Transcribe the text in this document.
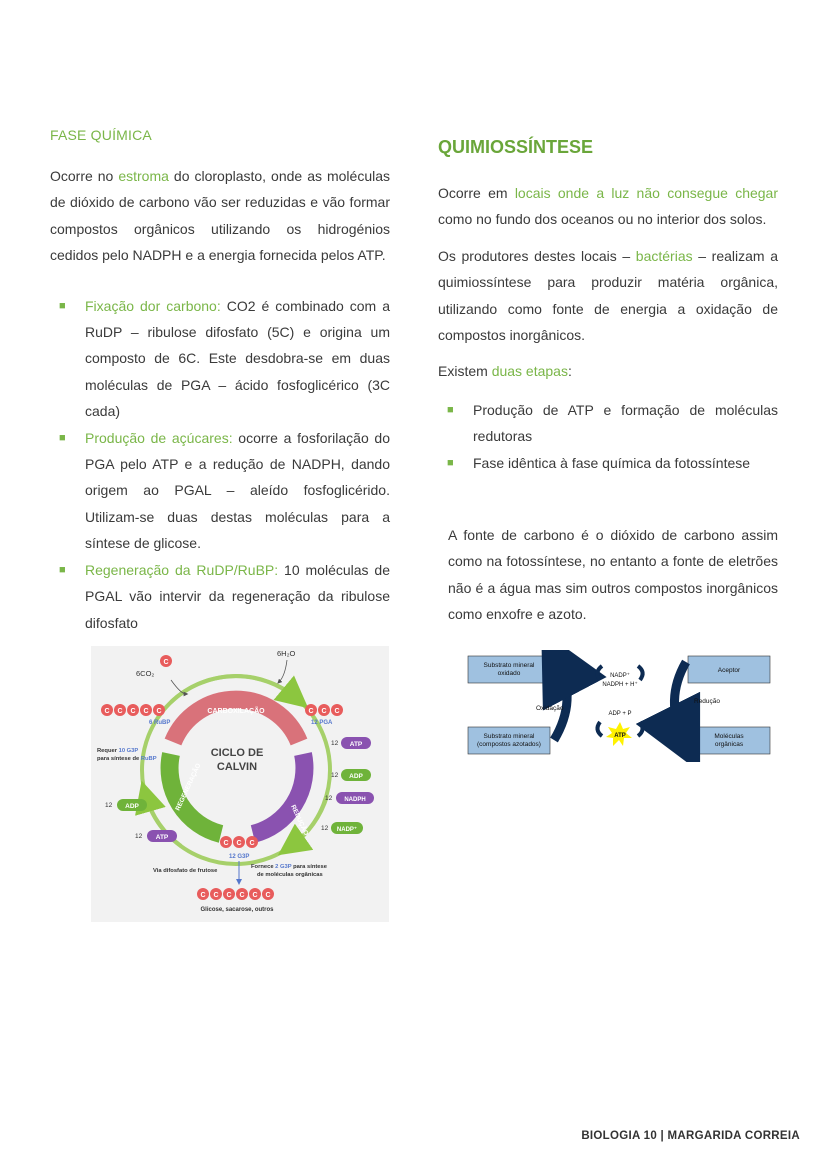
FASE QUÍMICA

Ocorre no estroma do cloroplasto, onde as moléculas de dióxido de carbono vão ser reduzidas e vão formar compostos orgânicos utilizando os hidrogénios cedidos pelo NADPH e a energia fornecida pelos ATP.

■ Fixação dor carbono: CO2 é combinado com a RuDP – ribulose difosfato (5C) e origina um composto de 6C. Este desdobra-se em duas moléculas de PGA – ácido fosfoglicérico (3C cada)
■ Produção de açúcares: ocorre a fosforilação do PGA pelo ATP e a redução de NADPH, dando origem ao PGAL – aleído fosfoglicérido. Utilizam-se duas destas moléculas para a síntese de glicose.
■ Regeneração da RuDP/RuBP: 10 moléculas de PGAL vão intervir da regeneração da ribulose difosfato
CARBOXILAÇÃO
REDUÇÃO
REGENERAÇÃO
CICLO DE
CALVIN
C
6CO₂
6H₂O
C C C C C
6 RuBP
C C C
12 PGA
Requer 10 G3P
para síntese de RuBP
12 ATP
12 ADP
12 NADPH
12 NADP⁺
12 ADP
12 ATP
C C C
12 G3P
Via difosfato de frutose
Fornece 2 G3P para síntese
de moléculas orgânicas
C C C C C C
Glicose, sacarose, outros
QUIMIOSSÍNTESE

Ocorre em locais onde a luz não consegue chegar como no fundo dos oceanos ou no interior dos solos.

Os produtores destes locais – bactérias – realizam a quimiossíntese para produzir matéria orgânica, utilizando como fonte de energia a oxidação de compostos inorgânicos.

Existem duas etapas:

■ Produção de ATP e formação de moléculas redutoras
■ Fase idêntica à fase química da fotossíntese

A fonte de carbono é o dióxido de carbono assim como na fotossíntese, no entanto a fonte de eletrões não é a água mas sim outros compostos inorgânicos como enxofre e azoto.

Substrato mineral
oxidado
Substrato mineral
(compostos azotados)
Aceptor
Moléculas
orgânicas
Oxidação
Redução
NADP⁺
NADPH + H⁺
ADP + P
ATP
BIOLOGIA 10 | MARGARIDA CORREIA
